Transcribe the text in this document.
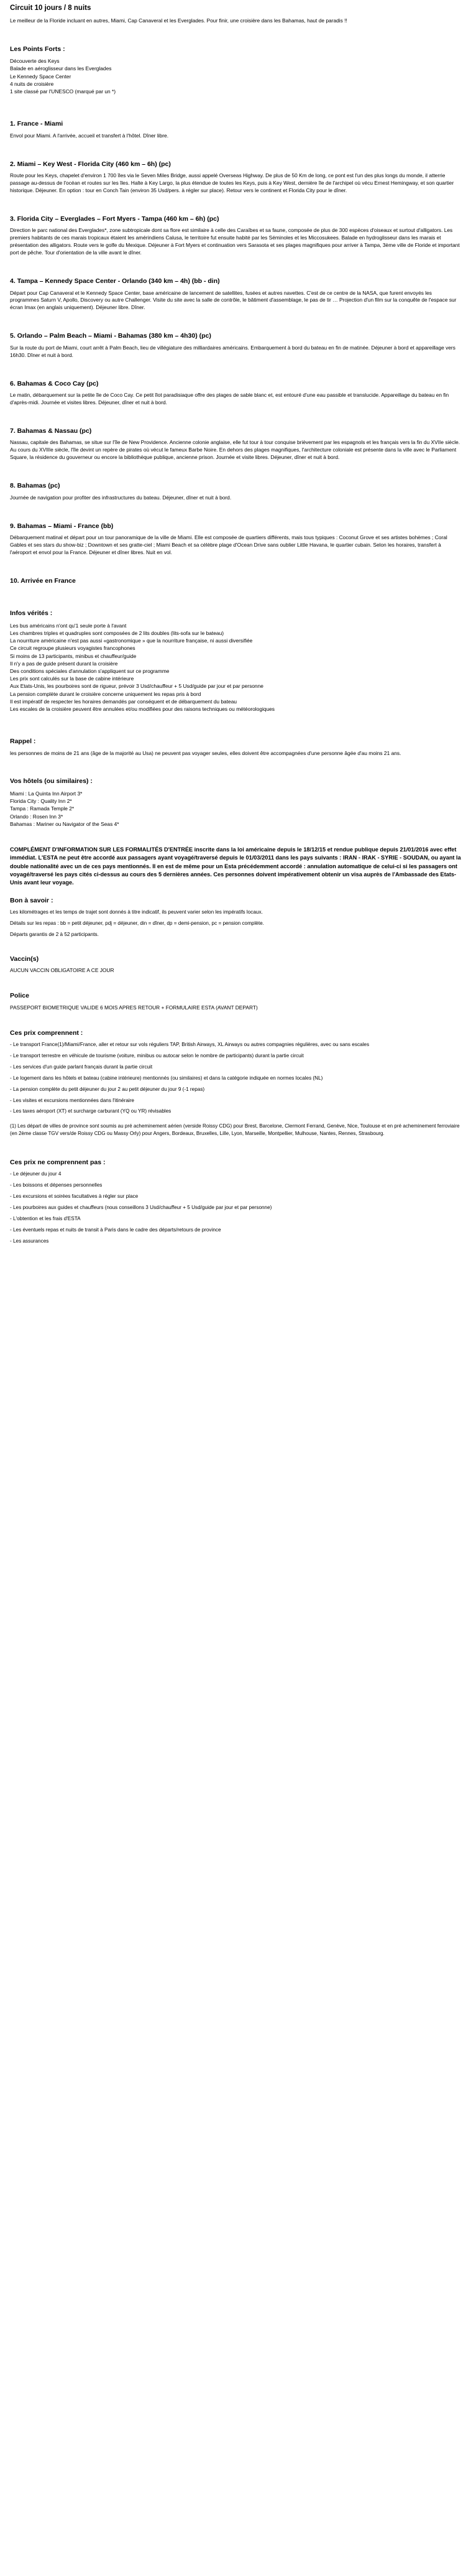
Circuit 10 jours / 8 nuits

Le meilleur de la Floride incluant en autres, Miami, Cap Canaveral et les Everglades. Pour finir, une croisière dans les Bahamas, haut de paradis !!

Les Points Forts :
Découverte des Keys
Balade en aéroglisseur dans les Everglades
Le Kennedy Space Center
4 nuits de croisière
1 site classé par l'UNESCO (marqué par un *)
1. France - Miami

Envol pour Miami. A l'arrivée, accueil et transfert à l'hôtel. Dîner libre.

2. Miami – Key West - Florida City (460 km – 6h) (pc)

Route pour les Keys, chapelet d'environ 1 700 îles via le Seven Miles Bridge, aussi appelé Overseas Highway. De plus de 50 Km de long, ce pont est l'un des plus longs du monde, il atterrie passage au-dessus de l'océan et routes sur les îles. Halte à Key Largo, la plus étendue de toutes les Keys, puis à Key West, dernière île de l'archipel où vécu Ernest Hemingway, et son quartier historique. Déjeuner. En option : tour en Conch Tain (environ 35 Usd/pers. à régler sur place). Retour vers le continent et Florida City pour le dîner.

3. Florida City – Everglades – Fort Myers - Tampa (460 km – 6h) (pc)

Direction le parc national des Everglades*, zone subtropicale dont sa flore est similaire à celle des Caraïbes et sa faune, composée de plus de 300 espèces d'oiseaux et surtout d'alligators. Les premiers habitants de ces marais tropicaux étaient les amérindiens Calusa, le territoire fut ensuite habité par les Séminoles et les Miccosukees. Balade en hydroglisseur dans les marais et présentation des alligators. Route vers le golfe du Mexique. Déjeuner à Fort Myers et continuation vers Sarasota et ses plages magnifiques pour arriver à Tampa, 3ème ville de Floride et important port de pêche. Tour d'orientation de la ville avant le dîner.

4. Tampa – Kennedy Space Center - Orlando (340 km – 4h) (bb - din)

Départ pour Cap Canaveral et le Kennedy Space Center, base américaine de lancement de satellites, fusées et autres navettes. C'est de ce centre de la NASA, que furent envoyés les programmes Saturn V, Apollo, Discovery ou autre Challenger. Visite du site avec la salle de contrôle, le bâtiment d'assemblage, le pas de tir … Projection d'un film sur la conquête de l'espace sur écran Imax (en anglais uniquement). Déjeuner libre. Dîner.

5. Orlando – Palm Beach – Miami - Bahamas (380 km – 4h30) (pc)

Sur la route du port de Miami, court arrêt à Palm Beach, lieu de villégiature des milliardaires américains. Embarquement à bord du bateau en fin de matinée. Déjeuner à bord et appareillage vers 16h30. Dîner et nuit à bord.

6. Bahamas & Coco Cay (pc)

Le matin, débarquement sur la petite île de Coco Cay. Ce petit îlot paradisiaque offre des plages de sable blanc et, est entouré d'une eau passible et translucide. Appareillage du bateau en fin d'après-midi. Journée et visites libres. Déjeuner, dîner et nuit à bord.

7. Bahamas & Nassau (pc)

Nassau, capitale des Bahamas, se situe sur l'île de New Providence. Ancienne colonie anglaise, elle fut tour à tour conquise brièvement par les espagnols et les français vers la fin du XVIIe siècle. Au cours du XVIIIe siècle, l'île devint un repère de pirates où vécut le fameux Barbe Noire. En dehors des plages magnifiques, l'architecture coloniale est présente dans la ville avec le Parliament Square, la résidence du gouverneur ou encore la bibliothèque publique, ancienne prison. Journée et visite libres. Déjeuner, dîner et nuit à bord.

8. Bahamas (pc)

Journée de navigation pour profiter des infrastructures du bateau. Déjeuner, dîner et nuit à bord.

9. Bahamas – Miami - France (bb)

Débarquement matinal et départ pour un tour panoramique de la ville de Miami. Elle est composée de quartiers différents, mais tous typiques : Coconut Grove et ses artistes bohèmes ; Coral Gables et ses stars du show-biz ; Downtown et ses gratte-ciel ; Miami Beach et sa célèbre plage d'Ocean Drive sans oublier Little Havana, le quartier cubain. Selon les horaires, transfert à l'aéroport et envol pour la France. Déjeuner et dîner libres. Nuit en vol.

10. Arrivée en France
Infos vérités :
Les bus américains n'ont qu'1 seule porte à l'avant
Les chambres triples et quadruples sont composées de 2 lits doubles (lits-sofa sur le bateau)
La nourriture américaine n'est pas aussi «gastronomique » que la nourriture française, ni aussi diversifiée
Ce circuit regroupe plusieurs voyagistes francophones
Si moins de 13 participants, minibus et chauffeur/guide
Il n'y a pas de guide présent durant la croisière
Des conditions spéciales d'annulation s'appliquent sur ce programme
Les prix sont calculés sur la base de cabine intérieure
Aux Etats-Unis, les pourboires sont de rigueur, prévoir 3 Usd/chauffeur + 5 Usd/guide par jour et par personne
La pension complète durant le croisière concerne uniquement les repas pris à bord
Il est impératif de respecter les horaires demandés par conséquent et de débarquement du bateau
Les escales de la croisière peuvent être annulées et/ou modifiées pour des raisons techniques ou météorologiques
Rappel :

les personnes de moins de 21 ans (âge de la majorité au Usa) ne peuvent pas voyager seules, elles doivent être accompagnées d'une personne âgée d'au moins 21 ans.

Vos hôtels (ou similaires) :
Miami : La Quinta Inn Airport 3*
Florida City : Quality Inn 2*
Tampa : Ramada Temple 2*
Orlando : Rosen Inn 3*
Bahamas : Mariner ou Navigator of the Seas 4*
COMPLÉMENT D'INFORMATION SUR LES FORMALITÉS D'ENTRÉE inscrite dans la loi américaine depuis le 18/12/15 et rendue publique depuis 21/01/2016 avec effet immédiat. L'ESTA ne peut être accordé aux passagers ayant voyagé/traversé depuis le 01/03/2011 dans les pays suivants : IRAN - IRAK - SYRIE - SOUDAN, ou ayant la double nationalité avec un de ces pays mentionnés. Il en est de même pour un Esta précédemment accordé : annulation automatique de celui-ci si les passagers ont voyagé/traversé les pays cités ci-dessus au cours des 5 dernières années. Ces personnes doivent impérativement obtenir un visa auprès de l'Ambassade des Etats-Unis avant leur voyage.
Bon à savoir :
Les kilométrages et les temps de trajet sont donnés à titre indicatif, ils peuvent varier selon les impératifs locaux.
Détails sur les repas : bb = petit déjeuner, pdj = déjeuner, din = dîner, dp = demi-pension, pc = pension complète.
Départs garantis de 2 à 52 participants.
Vaccin(s)

AUCUN VACCIN OBLIGATOIRE A CE JOUR

Police

PASSEPORT BIOMETRIQUE VALIDE 6 MOIS APRES RETOUR + FORMULAIRE ESTA (AVANT DEPART)

Ces prix comprennent :
- Le transport France(1)/Miami/France, aller et retour sur vols réguliers TAP, British Airways, XL Airways ou autres compagnies régulières, avec ou sans escales
- Le transport terrestre en véhicule de tourisme (voiture, minibus ou autocar selon le nombre de participants) durant la partie circuit
- Les services d'un guide parlant français durant la partie circuit
- Le logement dans les hôtels et bateau (cabine intérieure) mentionnés (ou similaires) et dans la catégorie indiquée en normes locales (NL)
- La pension complète du petit déjeuner du jour 2 au petit déjeuner du jour 9 (-1 repas)
- Les visites et excursions mentionnées dans l'itinéraire
- Les taxes aéroport (XT) et surcharge carburant (YQ ou YR) révisables
(1) Les départ de villes de province sont soumis au pré acheminement aérien (verside Roissy CDG) pour Brest, Barcelone, Clermont Ferrand, Genève, Nice, Toulouse et en pré acheminement ferroviaire (en 2ème classe TGV vers/de Roissy CDG ou Massy Orly) pour Angers, Bordeaux, Bruxelles, Lille, Lyon, Marseille, Montpellier, Mulhouse, Nantes, Rennes, Strasbourg.
Ces prix ne comprennent pas :
- Le déjeuner du jour 4
- Les boissons et dépenses personnelles
- Les excursions et soirées facultatives à régler sur place
- Les pourboires aux guides et chauffeurs (nous conseillons 3 Usd/chauffeur + 5 Usd/guide par jour et par personne)
- L'obtention et les frais d'ESTA
- Les éventuels repas et nuits de transit à Paris dans le cadre des départs/retours de province
- Les assurances
